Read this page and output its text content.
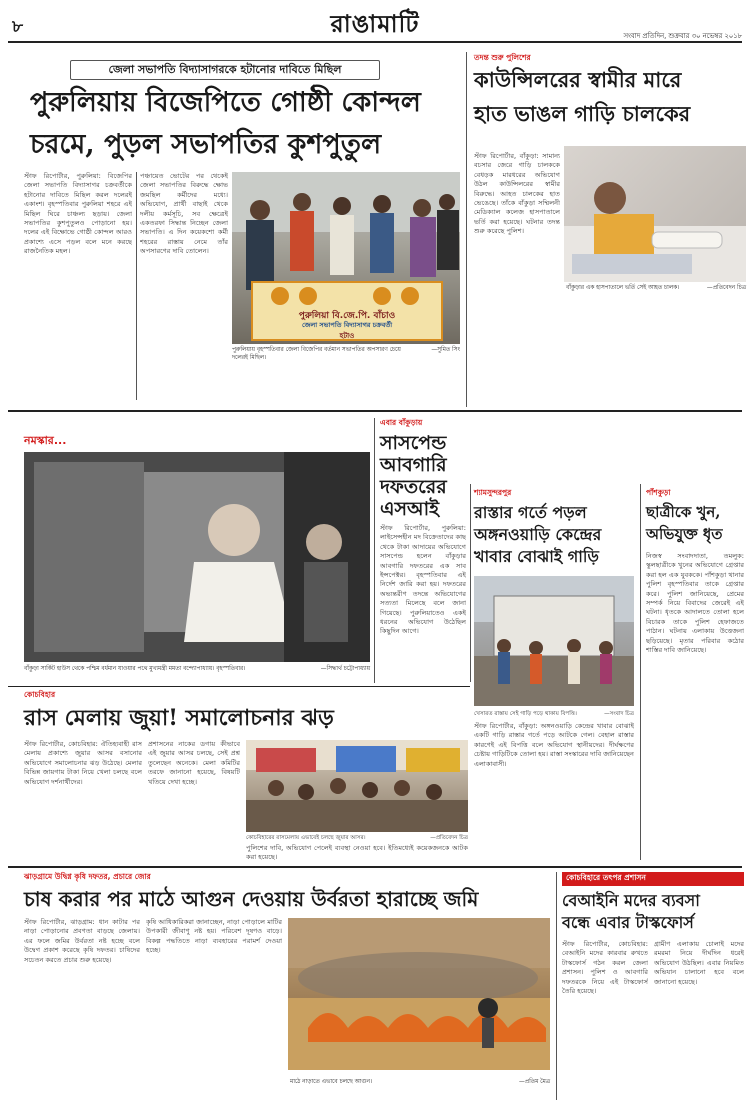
৮	রাঙামাটি	সংবাদ প্রতিদিন, শুক্রবার ৩০ নভেম্বর ২০১৮
জেলা সভাপতি বিদ্যাসাগরকে হটানোর দাবিতে মিছিল
পুরুলিয়ায় বিজেপিতে গোষ্ঠী কোন্দল
চরমে, পুড়ল সভাপতির কুশপুতুল
স্টাফ রিপোর্টার, পুরুলিয়া: বিজেপির জেলা সভাপতি বিদ্যাসাগর চক্রবর্তীকে হটানোর দাবিতে মিছিল করল দলেরই একাংশ। বৃহস্পতিবার পুরুলিয়া শহরে এই মিছিল ঘিরে চাঞ্চল্য ছড়ায়। জেলা সভাপতির কুশপুতুলও পোড়ানো হয়। দলের এই বিক্ষোভে গোষ্ঠী কোন্দল আরও প্রকাশ্যে এসে পড়ল বলে মনে করছে রাজনৈতিক মহল।
পঞ্চায়েত ভোটের পর থেকেই জেলা সভাপতির বিরুদ্ধে ক্ষোভ জমছিল কর্মীদের মধ্যে। অভিযোগ, প্রার্থী বাছাই থেকে দলীয় কর্মসূচি, সব ক্ষেত্রেই একতরফা সিদ্ধান্ত নিচ্ছেন জেলা সভাপতি। এ দিন কয়েকশো কর্মী শহরের রাস্তায় নেমে তাঁর অপসারণের দাবি তোলেন।
পুরুলিয়া বি.জে.পি. বাঁচাও
জেলা সভাপতি বিদ্যাসাগর চক্রবর্তী
হটাও
পুরুলিয়ায় বৃহস্পতিবার জেলা বিজেপির বর্তমান সভাপতির অপসারণ চেয়ে দলেরই মিছিল।
—সুমিত সিং
তদন্ত শুরু পুলিশের
কাউন্সিলরের স্বামীর মারে
হাত ভাঙল গাড়ি চালকের
স্টাফ রিপোর্টার, বাঁকুড়া: সামান্য বচসার জেরে গাড়ি চালককে বেধড়ক মারধরের অভিযোগ উঠল কাউন্সিলরের স্বামীর বিরুদ্ধে। আহত চালকের হাত ভেঙেছে। তাঁকে বাঁকুড়া সম্মিলনী মেডিক্যাল কলেজ হাসপাতালে ভর্তি করা হয়েছে। ঘটনার তদন্ত শুরু করেছে পুলিশ।
বাঁকুড়ার এক হাসপাতালে ভর্তি সেই আহত চালক।	—প্রতিবেদন চিত্র
নমস্কার...
বাঁকুড়া সার্কিট হাউস থেকে পশ্চিম বর্ধমান যাওয়ার পথে মুখ্যমন্ত্রী মমতা বন্দ্যোপাধ্যায়। বৃহস্পতিবার।	—সিদ্ধার্থ চট্টোপাধ্যায়
এবার বাঁকুড়ায়
সাসপেন্ড
আবগারি
দফতরের
এসআই
স্টাফ রিপোর্টার, পুরুলিয়া: লাইসেন্সহীন মদ বিক্রেতাদের কাছ থেকে টাকা আদায়ের অভিযোগে সাসপেন্ড হলেন বাঁকুড়ার আবগারি দফতরের এক সাব ইন্সপেক্টর। বৃহস্পতিবার এই নির্দেশ জারি করা হয়। দফতরের অভ্যন্তরীণ তদন্তে অভিযোগের সত্যতা মিলেছে বলে জানা গিয়েছে। পুরুলিয়াতেও একই ধরনের অভিযোগ উঠেছিল কিছুদিন আগে।
শ্যামসুন্দরপুর
রাস্তার গর্তে পড়ল
অঙ্গনওয়াড়ি কেন্দ্রের
খাবার বোঝাই গাড়ি
খেসারত রাস্তায় সেই গাড়ি পড়ে থাকায় বিপত্তি।	—সংবাদ চিত্র
স্টাফ রিপোর্টার, বাঁকুড়া: অঙ্গনওয়াড়ি কেন্দ্রের খাবার বোঝাই একটি গাড়ি রাস্তার গর্তে পড়ে আটকে গেল। বেহাল রাস্তার কারণেই এই বিপত্তি বলে অভিযোগ স্থানীয়দের। দীর্ঘক্ষণের চেষ্টায় গাড়িটিকে তোলা হয়। রাস্তা সংস্কারের দাবি জানিয়েছেন এলাকাবাসী।
পাঁশকুড়া
ছাত্রীকে খুন,
অভিযুক্ত ধৃত
নিজস্ব সংবাদদাতা, তমলুক: স্কুলছাত্রীকে খুনের অভিযোগে গ্রেপ্তার করা হল এক যুবককে। পাঁশকুড়া থানার পুলিশ বৃহস্পতিবার তাকে গ্রেপ্তার করে। পুলিশ জানিয়েছে, প্রেমের সম্পর্ক নিয়ে বিবাদের জেরেই এই ঘটনা। ধৃতকে আদালতে তোলা হলে বিচারক তাকে পুলিশ হেফাজতে পাঠান। ঘটনায় এলাকায় উত্তেজনা ছড়িয়েছে। মৃতার পরিবার কঠোর শাস্তির দাবি জানিয়েছে।
কোচবিহার
রাস মেলায় জুয়া! সমালোচনার ঝড়
স্টাফ রিপোর্টার, কোচবিহার: ঐতিহ্যবাহী রাস মেলায় প্রকাশ্যে জুয়ার আসর বসানোর অভিযোগে সমালোচনার ঝড় উঠেছে। মেলার বিভিন্ন জায়গায় টাকা নিয়ে খেলা চলছে বলে অভিযোগ দর্শনার্থীদের।
প্রশাসনের নাকের ডগায় কীভাবে এই জুয়ার আসর চলছে, সেই প্রশ্ন তুলেছেন অনেকে। মেলা কমিটির তরফে জানানো হয়েছে, বিষয়টি খতিয়ে দেখা হচ্ছে।
কোচবিহারের রাসমেলায় এভাবেই চলছে জুয়ার আসর।	—প্রতিবেদন চিত্র
পুলিশের দাবি, অভিযোগ পেলেই ব্যবস্থা নেওয়া হবে। ইতিমধ্যেই কয়েকজনকে আটক করা হয়েছে।
ঝাড়গ্রামে উদ্বিগ্ন কৃষি দফতর, প্রচারে জোর
চাষ করার পর মাঠে আগুন দেওয়ায় উর্বরতা হারাচ্ছে জমি
স্টাফ রিপোর্টার, ঝাড়গ্রাম: ধান কাটার পর নাড়া পোড়ানোর প্রবণতা বাড়ছে জেলায়। এর ফলে জমির উর্বরতা নষ্ট হচ্ছে বলে উদ্বেগ প্রকাশ করেছে কৃষি দফতর। চাষিদের সচেতন করতে প্রচার শুরু হয়েছে।
কৃষি আধিকারিকরা জানাচ্ছেন, নাড়া পোড়ালে মাটির উপকারী জীবাণু নষ্ট হয়। পরিবেশ দূষণও বাড়ে। বিকল্প পদ্ধতিতে নাড়া ব্যবহারের পরামর্শ দেওয়া হচ্ছে।
মাঠে নাড়াতে এভাবে চলছে আগুন।	—প্রতিম মৈত্র
কোচবিহারে তৎপর প্রশাসন
বেআইনি মদের ব্যবসা
বন্ধে এবার টাস্কফোর্স
স্টাফ রিপোর্টার, কোচবিহার: বেআইনি মদের কারবার রুখতে টাস্কফোর্স গঠন করল জেলা প্রশাসন। পুলিশ ও আবগারি দফতরকে নিয়ে এই টাস্কফোর্স তৈরি হয়েছে।
গ্রামীণ এলাকায় চোলাই মদের রমরমা নিয়ে দীর্ঘদিন ধরেই অভিযোগ উঠছিল। এবার নিয়মিত অভিযান চালানো হবে বলে জানানো হয়েছে।
